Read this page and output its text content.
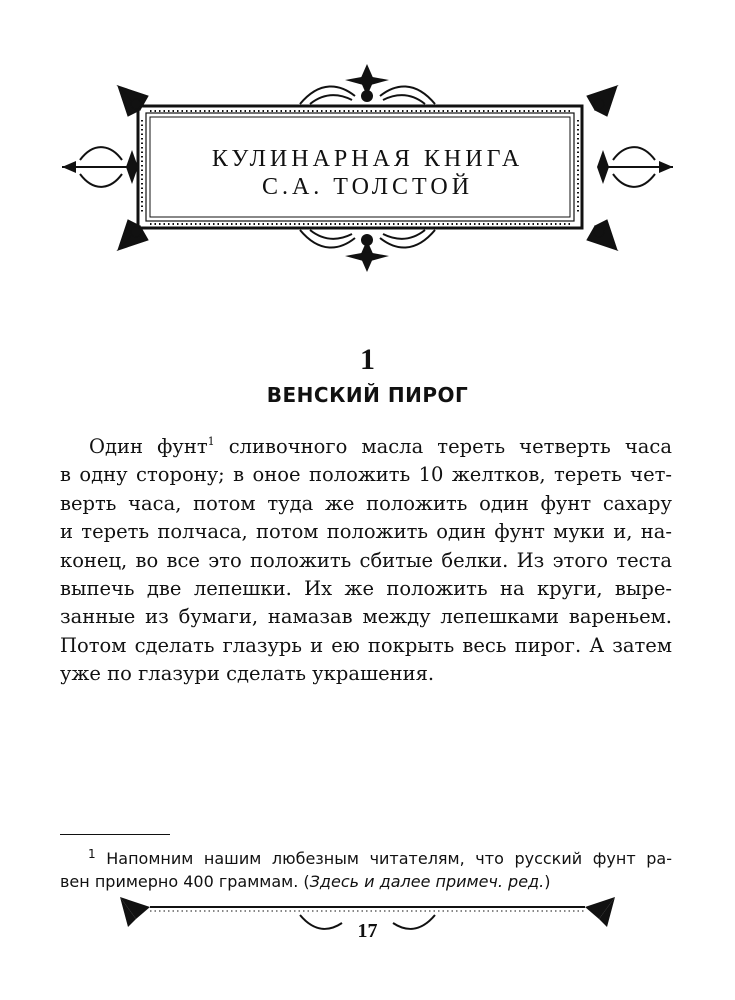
КУЛИНАРНАЯ КНИГА
С.А. ТОЛСТОЙ
1
ВЕНСКИЙ ПИРОГ
Один фунт$^1$ сливочного масла тереть четверть часа
в одну сторону; в оное положить 10 желтков, тереть чет-
верть часа, потом туда же положить один фунт сахару
и тереть полчаса, потом положить один фунт муки и, на-
конец, во все это положить сбитые белки. Из этого теста
выпечь две лепешки. Их же положить на круги, выре-
занные из бумаги, намазав между лепешками вареньем.
Потом сделать глазурь и ею покрыть весь пирог. А затем
уже по глазури сделать украшения.
$^1$ Напомним нашим любезным читателям, что русский фунт ра-
вен примерно 400 граммам. (Здесь и далее примеч. ред.)
17
